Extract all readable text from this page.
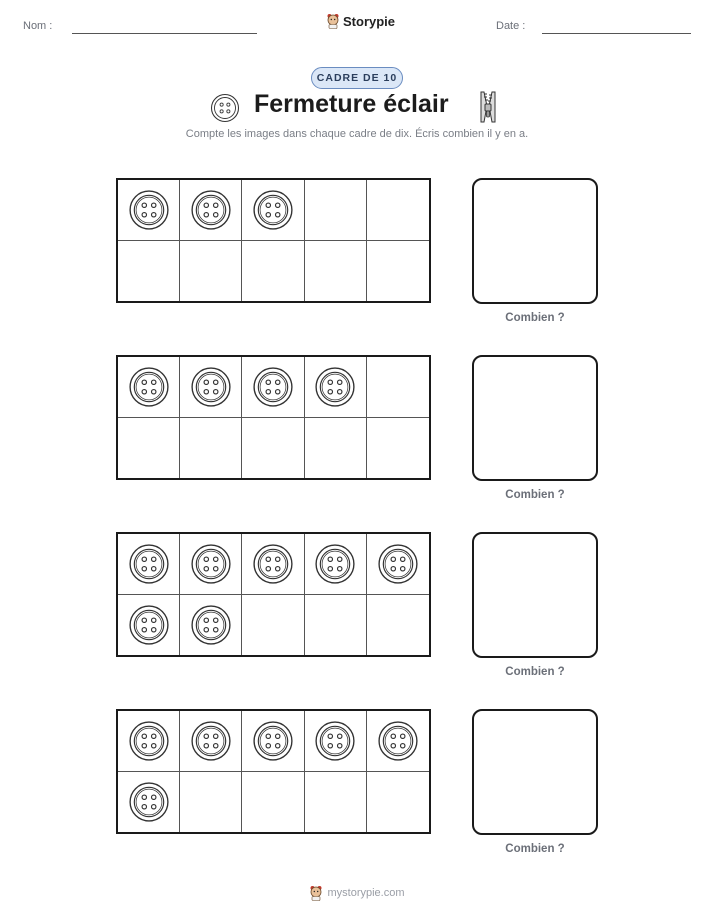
Nom :	Storypie	Date :
CADRE DE 10
Fermeture éclair
Compte les images dans chaque cadre de dix. Écris combien il y en a.
Combien ?
Combien ?
Combien ?
Combien ?
mystorypie.com
